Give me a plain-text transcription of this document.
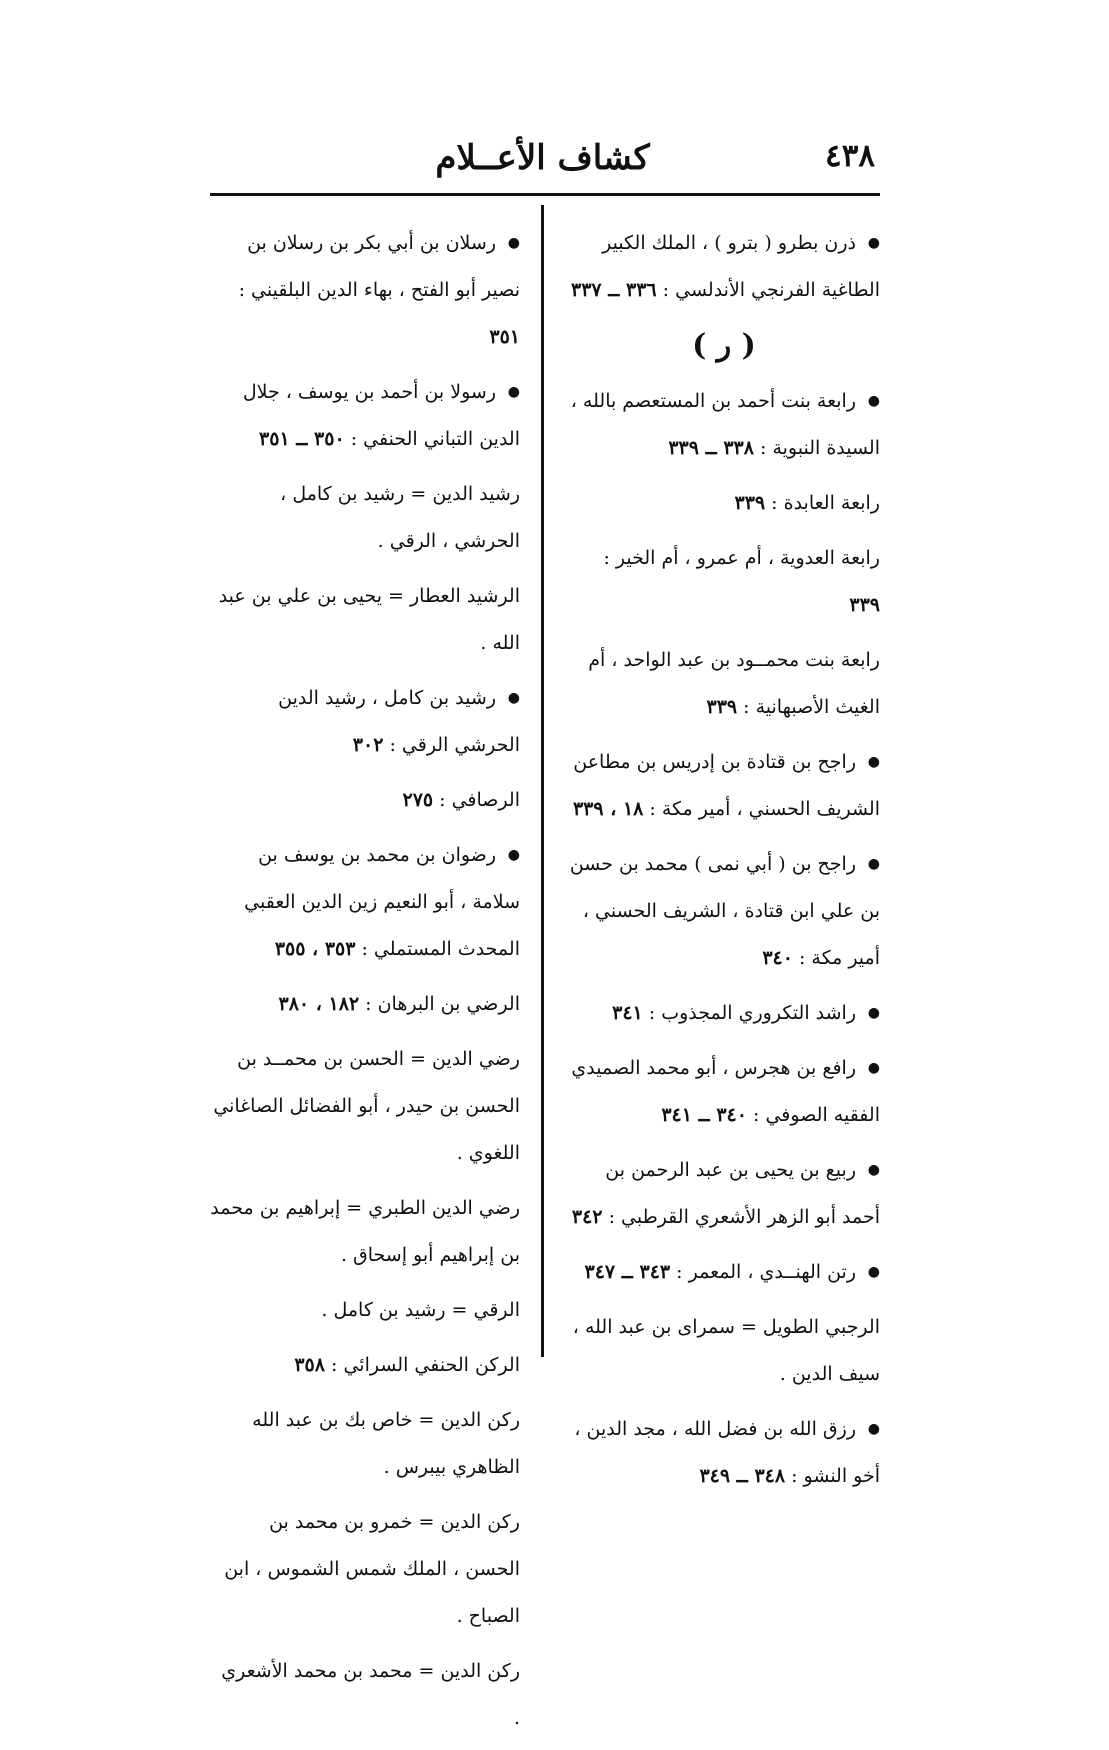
٤٣٨
كشاف الأعــلام
●
ذرن بطرو ( بترو ) ، الملك الكبير الطاغية الفرنجي الأندلسي : ٣٣٦ ــ ٣٣٧
( ر )
●
رابعة بنت أحمد بن المستعصم بالله ، السيدة النبوية : ٣٣٨ ــ ٣٣٩
رابعة العابدة : ٣٣٩
رابعة العدوية ، أم عمرو ، أم الخير : ٣٣٩
رابعة بنت محمــود بن عبد الواحد ، أم الغيث الأصبهانية : ٣٣٩
●
راجح بن قتادة بن إدريس بن مطاعن الشريف الحسني ، أمير مكة : ١٨ ، ٣٣٩
●
راجح بن ( أبي نمى ) محمد بن حسن بن علي ابن قتادة ، الشريف الحسني ، أمير مكة : ٣٤٠
●
راشد التكروري المجذوب : ٣٤١
●
رافع بن هجرس ، أبو محمد الصميدي الفقيه الصوفي : ٣٤٠ ــ ٣٤١
●
ربيع بن يحيى بن عبد الرحمن بن أحمد أبو الزهر الأشعري القرطبي : ٣٤٢
●
رتن الهنــدي ، المعمر : ٣٤٣ ــ ٣٤٧
الرجبي الطويل = سمراى بن عبد الله ، سيف الدين .
●
رزق الله بن فضل الله ، مجد الدين ، أخو النشو : ٣٤٨ ــ ٣٤٩
●
رسلان بن أبي بكر بن رسلان بن نصير أبو الفتح ، بهاء الدين البلقيني : ٣٥١
●
رسولا بن أحمد بن يوسف ، جلال الدين التباني الحنفي : ٣٥٠ ــ ٣٥١
رشيد الدين = رشيد بن كامل ، الحرشي ، الرقي .
الرشيد العطار = يحيى بن علي بن عبد الله .
●
رشيد بن كامل ، رشيد الدين الحرشي الرقي : ٣٠٢
الرصافي : ٢٧٥
●
رضوان بن محمد بن يوسف بن سلامة ، أبو النعيم زين الدين العقبي المحدث المستملي : ٣٥٣ ، ٣٥٥
الرضي بن البرهان : ١٨٢ ، ٣٨٠
رضي الدين = الحسن بن محمــد بن الحسن بن حيدر ، أبو الفضائل الصاغاني اللغوي .
رضي الدين الطبري = إبراهيم بن محمد بن إبراهيم أبو إسحاق .
الرقي = رشيد بن كامل .
الركن الحنفي السرائي : ٣٥٨
ركن الدين = خاص بك بن عبد الله الظاهري بيبرس .
ركن الدين = خمرو بن محمد بن الحسن ، الملك شمس الشموس ، ابن الصباح .
ركن الدين = محمد بن محمد الأشعري .
